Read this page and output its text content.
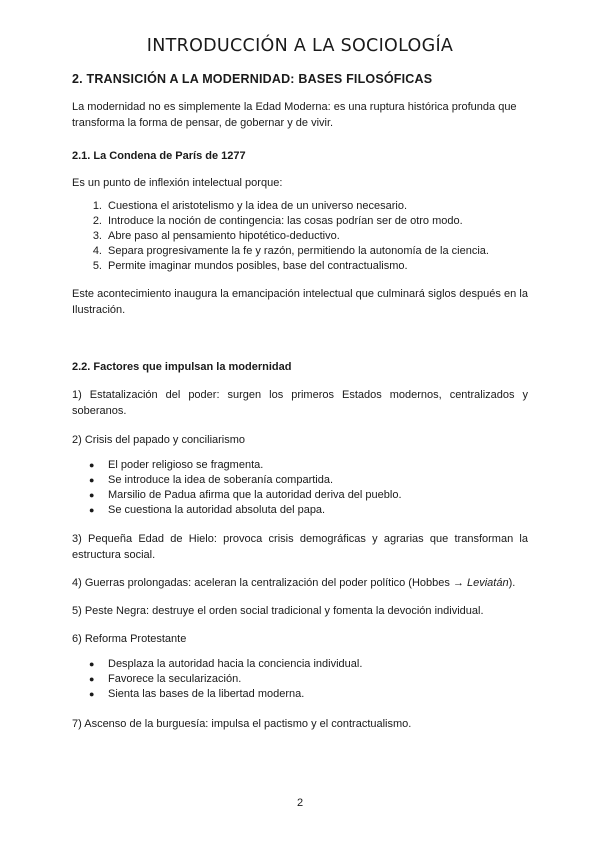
INTRODUCCIÓN A LA SOCIOLOGÍA
2. TRANSICIÓN A LA MODERNIDAD: BASES FILOSÓFICAS
La modernidad no es simplemente la Edad Moderna: es una ruptura histórica profunda que transforma la forma de pensar, de gobernar y de vivir.
2.1. La Condena de París de 1277
Es un punto de inflexión intelectual porque:
1. Cuestiona el aristotelismo y la idea de un universo necesario.
2. Introduce la noción de contingencia: las cosas podrían ser de otro modo.
3. Abre paso al pensamiento hipotético-deductivo.
4. Separa progresivamente la fe y razón, permitiendo la autonomía de la ciencia.
5. Permite imaginar mundos posibles, base del contractualismo.
Este acontecimiento inaugura la emancipación intelectual que culminará siglos después en la Ilustración.
2.2. Factores que impulsan la modernidad
1) Estatalización del poder: surgen los primeros Estados modernos, centralizados y soberanos.
2) Crisis del papado y conciliarismo
● El poder religioso se fragmenta.
● Se introduce la idea de soberanía compartida.
● Marsilio de Padua afirma que la autoridad deriva del pueblo.
● Se cuestiona la autoridad absoluta del papa.
3) Pequeña Edad de Hielo: provoca crisis demográficas y agrarias que transforman la estructura social.
4) Guerras prolongadas: aceleran la centralización del poder político (Hobbes → Leviatán).
5) Peste Negra: destruye el orden social tradicional y fomenta la devoción individual.
6) Reforma Protestante
● Desplaza la autoridad hacia la conciencia individual.
● Favorece la secularización.
● Sienta las bases de la libertad moderna.
7) Ascenso de la burguesía: impulsa el pactismo y el contractualismo.
2
